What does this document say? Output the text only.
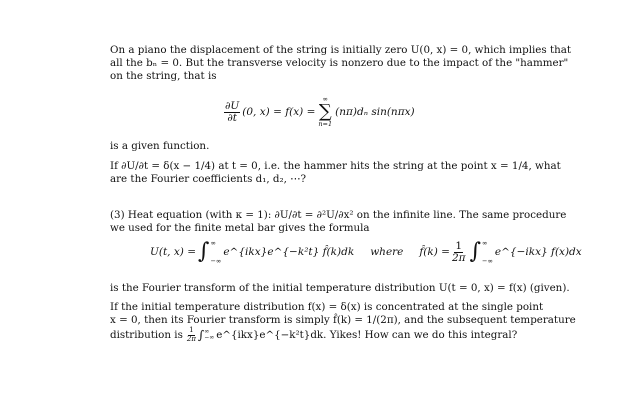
On a piano the displacement of the string is initially zero U(0, x) = 0, which implies that
all the bₙ = 0. But the transverse velocity is nonzero due to the impact of the "hammer"
on the string, that is
$\frac{\partial U}{\partial t} (0$, x) = f(x) =
∞
∑
n=1
(nπ)dₙ sin(nπx)
is a given function.
If ∂U/∂t = δ(x − 1/4) at t = 0, i.e. the hammer hits the string at the point x = 1/4, what
are the Fourier coefficients d₁, d₂, ⋯?
(3) Heat equation (with κ = 1): ∂U/∂t = ∂²U/∂x² on the infinite line. The same procedure
we used for the finite metal bar gives the formula
U(t, x) = ∫ ∞
−∞
e^{ikx}e^{−k²t} f̂(k)dk where f̂(k) = $\frac{1}{2\pi}$ ∫ ∞
−∞
e^{−ikx} f(x)dx
is the Fourier transform of the initial temperature distribution U(t = 0, x) = f(x) (given).
If the initial temperature distribution f(x) = δ(x) is concentrated at the single point
x = 0, then its Fourier transform is simply f̂(k) = 1/(2π), and the subsequent temperature
distribution is $\frac{1}{2\pi}$ ∫ ∞
−∞ e^{ikx}e^{−k²t}dk. Yikes! How can we do this integral?
